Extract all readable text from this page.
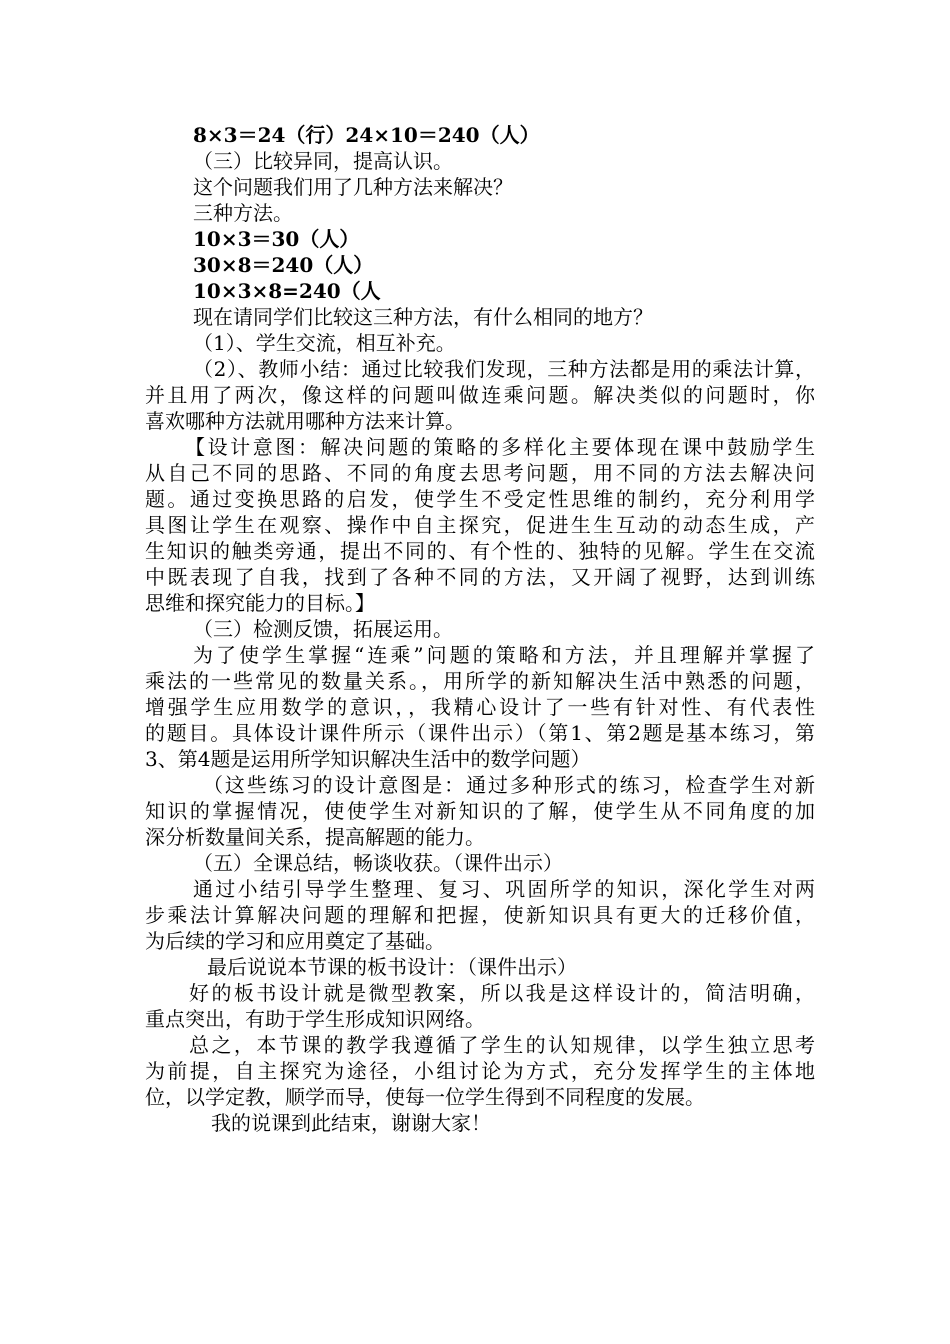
8×3＝24（行）24×10＝240（人）
（三）比较异同，提高认识。
这个问题我们用了几种方法来解决？
三种方法。
10×3＝30（人）
30×8＝240（人）
10×3×8=240（人
现在请同学们比较这三种方法，有什么相同的地方？
（1）、学生交流，相互补充。
（2）、教师小结：通过比较我们发现，三种方法都是用的乘法计算，
并且用了两次，像这样的问题叫做连乘问题。解决类似的问题时，你
喜欢哪种方法就用哪种方法来计算。
【设计意图：解决问题的策略的多样化主要体现在课中鼓励学生
从自己不同的思路、不同的角度去思考问题，用不同的方法去解决问
题。通过变换思路的启发，使学生不受定性思维的制约，充分利用学
具图让学生在观察、操作中自主探究，促进生生互动的动态生成，产
生知识的触类旁通，提出不同的、有个性的、独特的见解。学生在交流
中既表现了自我，找到了各种不同的方法，又开阔了视野，达到训练
思维和探究能力的目标。】
（三）检测反馈，拓展运用。
为了使学生掌握“连乘”问题的策略和方法，并且理解并掌握了
乘法的一些常见的数量关系。，用所学的新知解决生活中熟悉的问题，
增强学生应用数学的意识，，我精心设计了一些有针对性、有代表性
的题目。具体设计课件所示（课件出示）（第1、第2题是基本练习，第
3、第4题是运用所学知识解决生活中的数学问题）
（这些练习的设计意图是：通过多种形式的练习，检查学生对新
知识的掌握情况，使使学生对新知识的了解，使学生从不同角度的加
深分析数量间关系，提高解题的能力。
（五）全课总结，畅谈收获。（课件出示）
通过小结引导学生整理、复习、巩固所学的知识，深化学生对两
步乘法计算解决问题的理解和把握，使新知识具有更大的迁移价值，
为后续的学习和应用奠定了基础。
最后说说本节课的板书设计：（课件出示）
好的板书设计就是微型教案，所以我是这样设计的，简洁明确，
重点突出，有助于学生形成知识网络。
总之，本节课的教学我遵循了学生的认知规律，以学生独立思考
为前提，自主探究为途径，小组讨论为方式，充分发挥学生的主体地
位，以学定教，顺学而导，使每一位学生得到不同程度的发展。
我的说课到此结束，谢谢大家！
